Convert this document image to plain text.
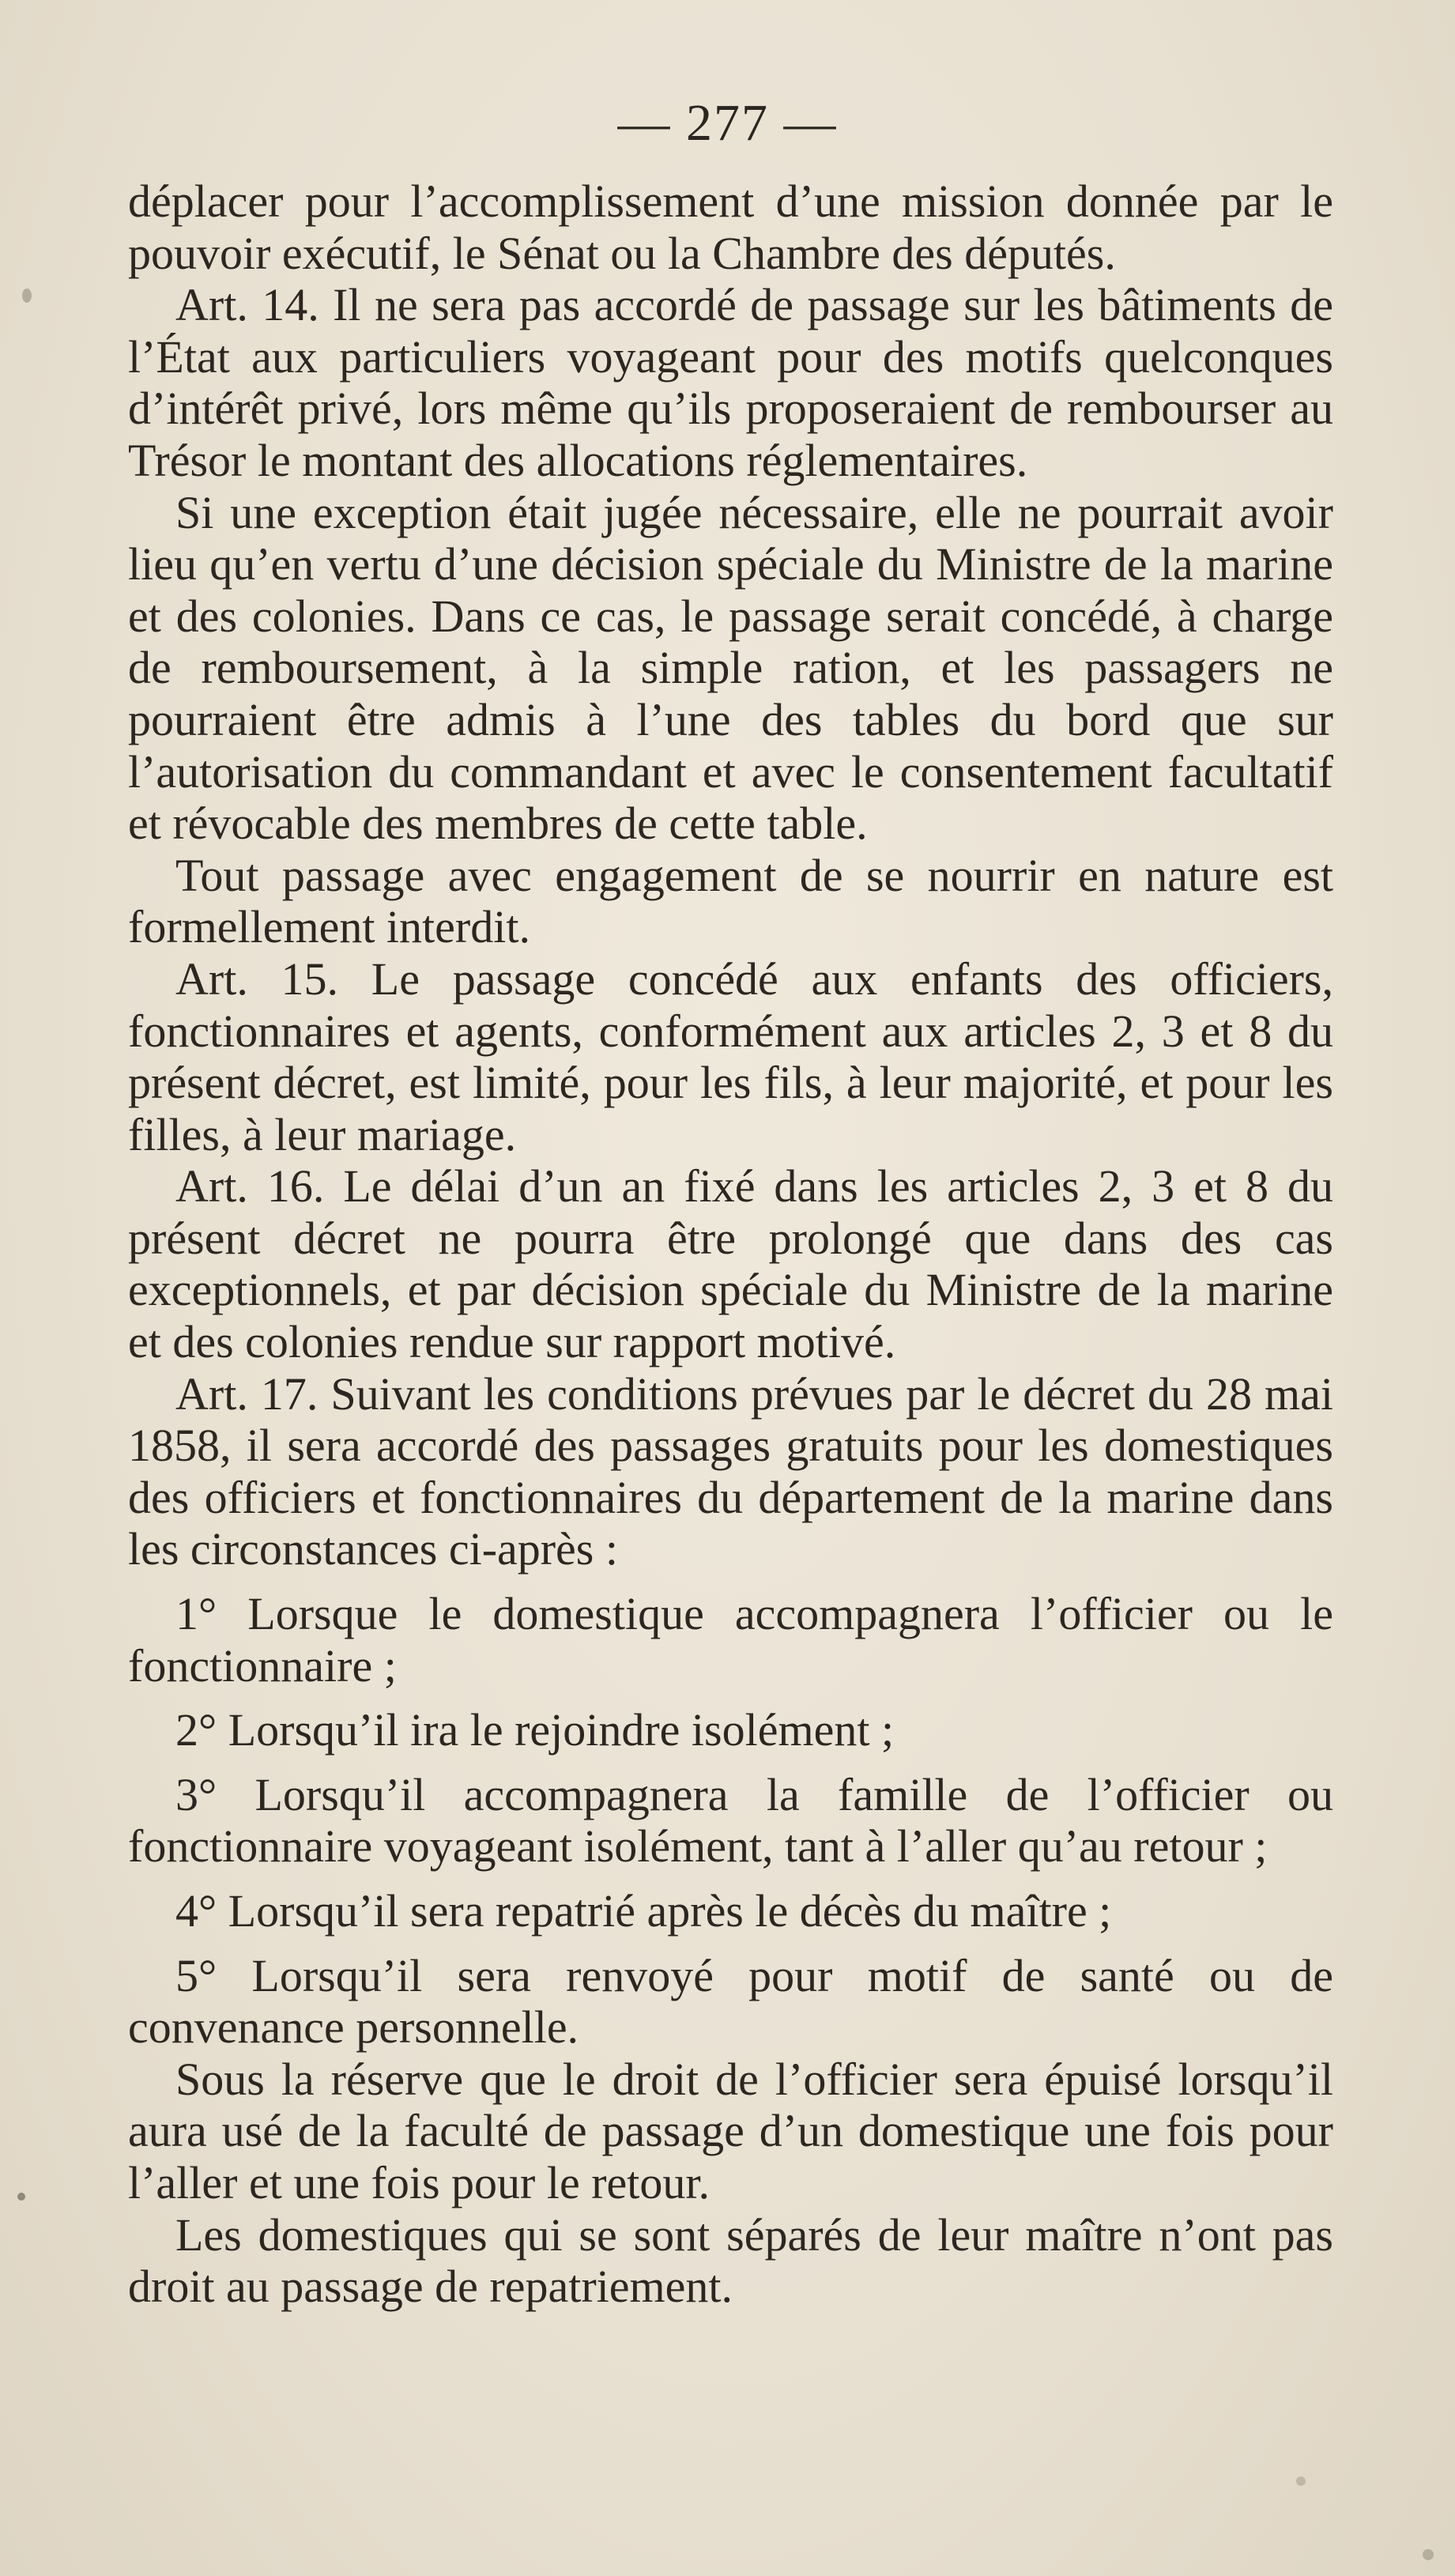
— 277 —

déplacer pour l’accomplissement d’une mission donnée par le pouvoir exécutif, le Sénat ou la Chambre des députés.

Art. 14. Il ne sera pas accordé de passage sur les bâtiments de l’État aux particuliers voyageant pour des motifs quelconques d’intérêt privé, lors même qu’ils proposeraient de rembourser au Trésor le montant des allocations réglementaires.

Si une exception était jugée nécessaire, elle ne pourrait avoir lieu qu’en vertu d’une décision spéciale du Ministre de la marine et des colonies. Dans ce cas, le passage serait concédé, à charge de remboursement, à la simple ration, et les passagers ne pourraient être admis à l’une des tables du bord que sur l’autorisation du commandant et avec le consentement facultatif et révocable des membres de cette table.

Tout passage avec engagement de se nourrir en nature est formellement interdit.

Art. 15. Le passage concédé aux enfants des officiers, fonctionnaires et agents, conformément aux articles 2, 3 et 8 du présent décret, est limité, pour les fils, à leur majorité, et pour les filles, à leur mariage.

Art. 16. Le délai d’un an fixé dans les articles 2, 3 et 8 du présent décret ne pourra être prolongé que dans des cas exceptionnels, et par décision spéciale du Ministre de la marine et des colonies rendue sur rapport motivé.

Art. 17. Suivant les conditions prévues par le décret du 28 mai 1858, il sera accordé des passages gratuits pour les domestiques des officiers et fonctionnaires du département de la marine dans les circonstances ci-après :

1° Lorsque le domestique accompagnera l’officier ou le fonctionnaire ;

2° Lorsqu’il ira le rejoindre isolément ;

3° Lorsqu’il accompagnera la famille de l’officier ou fonctionnaire voyageant isolément, tant à l’aller qu’au retour ;

4° Lorsqu’il sera repatrié après le décès du maître ;

5° Lorsqu’il sera renvoyé pour motif de santé ou de convenance personnelle.

Sous la réserve que le droit de l’officier sera épuisé lorsqu’il aura usé de la faculté de passage d’un domestique une fois pour l’aller et une fois pour le retour.

Les domestiques qui se sont séparés de leur maître n’ont pas droit au passage de repatriement.
